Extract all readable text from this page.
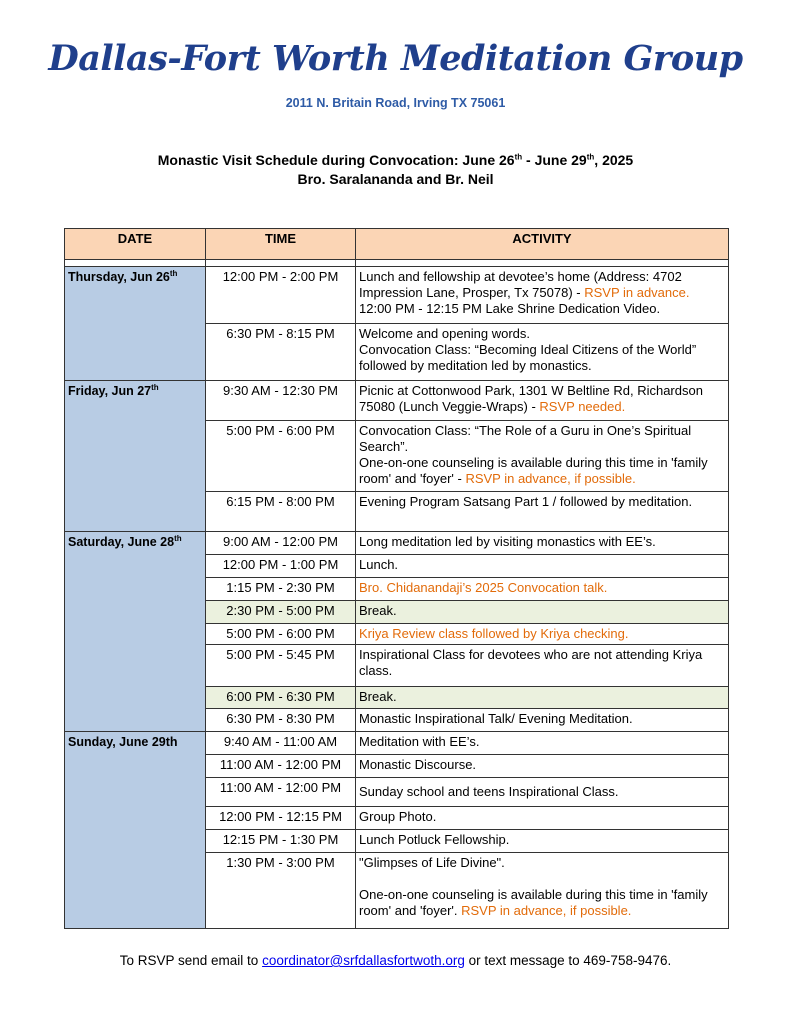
Dallas-Fort Worth Meditation Group
2011 N. Britain Road, Irving TX 75061
Monastic Visit Schedule during Convocation: June 26th - June 29th, 2025
Bro. Saralananda and Br. Neil
DATE	TIME	ACTIVITY

Thursday, Jun 26th	12:00 PM - 2:00 PM	Lunch and fellowship at devotee’s home (Address: 4702 Impression Lane, Prosper, Tx 75078) - RSVP in advance.
12:00 PM - 12:15 PM Lake Shrine Dedication Video.
	6:30 PM - 8:15 PM	Welcome and opening words.
Convocation Class: “Becoming Ideal Citizens of the World” followed by meditation led by monastics.
Friday, Jun 27th	9:30 AM - 12:30 PM	Picnic at Cottonwood Park, 1301 W Beltline Rd, Richardson 75080 (Lunch Veggie-Wraps) - RSVP needed.
	5:00 PM - 6:00 PM	Convocation Class: “The Role of a Guru in One’s Spiritual Search”.
One-on-one counseling is available during this time in 'family room' and 'foyer' - RSVP in advance, if possible.
	6:15 PM - 8:00 PM	Evening Program Satsang Part 1 / followed by meditation.
Saturday, June 28th	9:00 AM - 12:00 PM	Long meditation led by visiting monastics with EE’s.
	12:00 PM - 1:00 PM	Lunch.
	1:15 PM - 2:30 PM	Bro. Chidanandaji’s 2025 Convocation talk.
	2:30 PM - 5:00 PM	Break.
	5:00 PM - 6:00 PM	Kriya Review class followed by Kriya checking.
	5:00 PM - 5:45 PM	Inspirational Class for devotees who are not attending Kriya class.
	6:00 PM - 6:30 PM	Break.
	6:30 PM - 8:30 PM	Monastic Inspirational Talk/ Evening Meditation.
Sunday, June 29th	9:40 AM - 11:00 AM	Meditation with EE’s.
	11:00 AM - 12:00 PM	Monastic Discourse.
	11:00 AM - 12:00 PM	Sunday school and teens Inspirational Class.
	12:00 PM - 12:15 PM	Group Photo.
	12:15 PM - 1:30 PM	Lunch Potluck Fellowship.
	1:30 PM - 3:00 PM	"Glimpses of Life Divine".

One-on-one counseling is available during this time in 'family room' and 'foyer'. RSVP in advance, if possible.
To RSVP send email to coordinator@srfdallasfortwoth.org or text message to 469-758-9476.
